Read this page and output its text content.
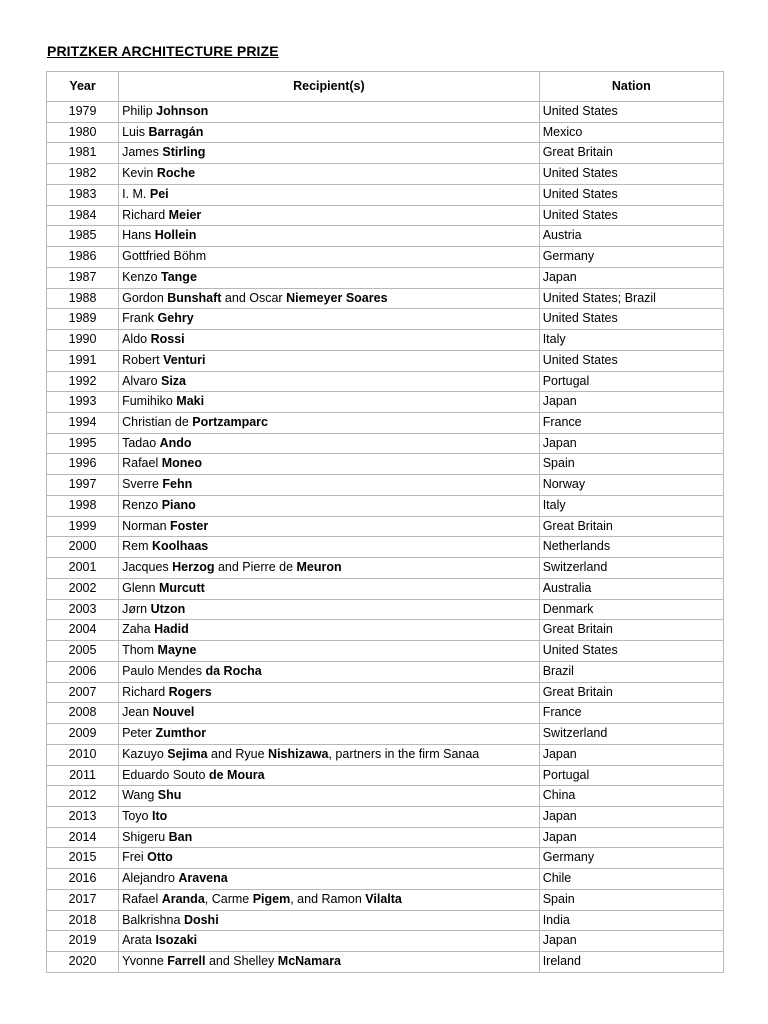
PRITZKER ARCHITECTURE PRIZE
Year	Recipient(s)	Nation
1979	Philip Johnson	United States
1980	Luis Barragán	Mexico
1981	James Stirling	Great Britain
1982	Kevin Roche	United States
1983	I. M. Pei	United States
1984	Richard Meier	United States
1985	Hans Hollein	Austria
1986	Gottfried Böhm	Germany
1987	Kenzo Tange	Japan
1988	Gordon Bunshaft and Oscar Niemeyer Soares	United States; Brazil
1989	Frank Gehry	United States
1990	Aldo Rossi	Italy
1991	Robert Venturi	United States
1992	Alvaro Siza	Portugal
1993	Fumihiko Maki	Japan
1994	Christian de Portzamparc	France
1995	Tadao Ando	Japan
1996	Rafael Moneo	Spain
1997	Sverre Fehn	Norway
1998	Renzo Piano	Italy
1999	Norman Foster	Great Britain
2000	Rem Koolhaas	Netherlands
2001	Jacques Herzog and Pierre de Meuron	Switzerland
2002	Glenn Murcutt	Australia
2003	Jørn Utzon	Denmark
2004	Zaha Hadid	Great Britain
2005	Thom Mayne	United States
2006	Paulo Mendes da Rocha	Brazil
2007	Richard Rogers	Great Britain
2008	Jean Nouvel	France
2009	Peter Zumthor	Switzerland
2010	Kazuyo Sejima and Ryue Nishizawa, partners in the firm Sanaa	Japan
2011	Eduardo Souto de Moura	Portugal
2012	Wang Shu	China
2013	Toyo Ito	Japan
2014	Shigeru Ban	Japan
2015	Frei Otto	Germany
2016	Alejandro Aravena	Chile
2017	Rafael Aranda, Carme Pigem, and Ramon Vilalta	Spain
2018	Balkrishna Doshi	India
2019	Arata Isozaki	Japan
2020	Yvonne Farrell and Shelley McNamara	Ireland
